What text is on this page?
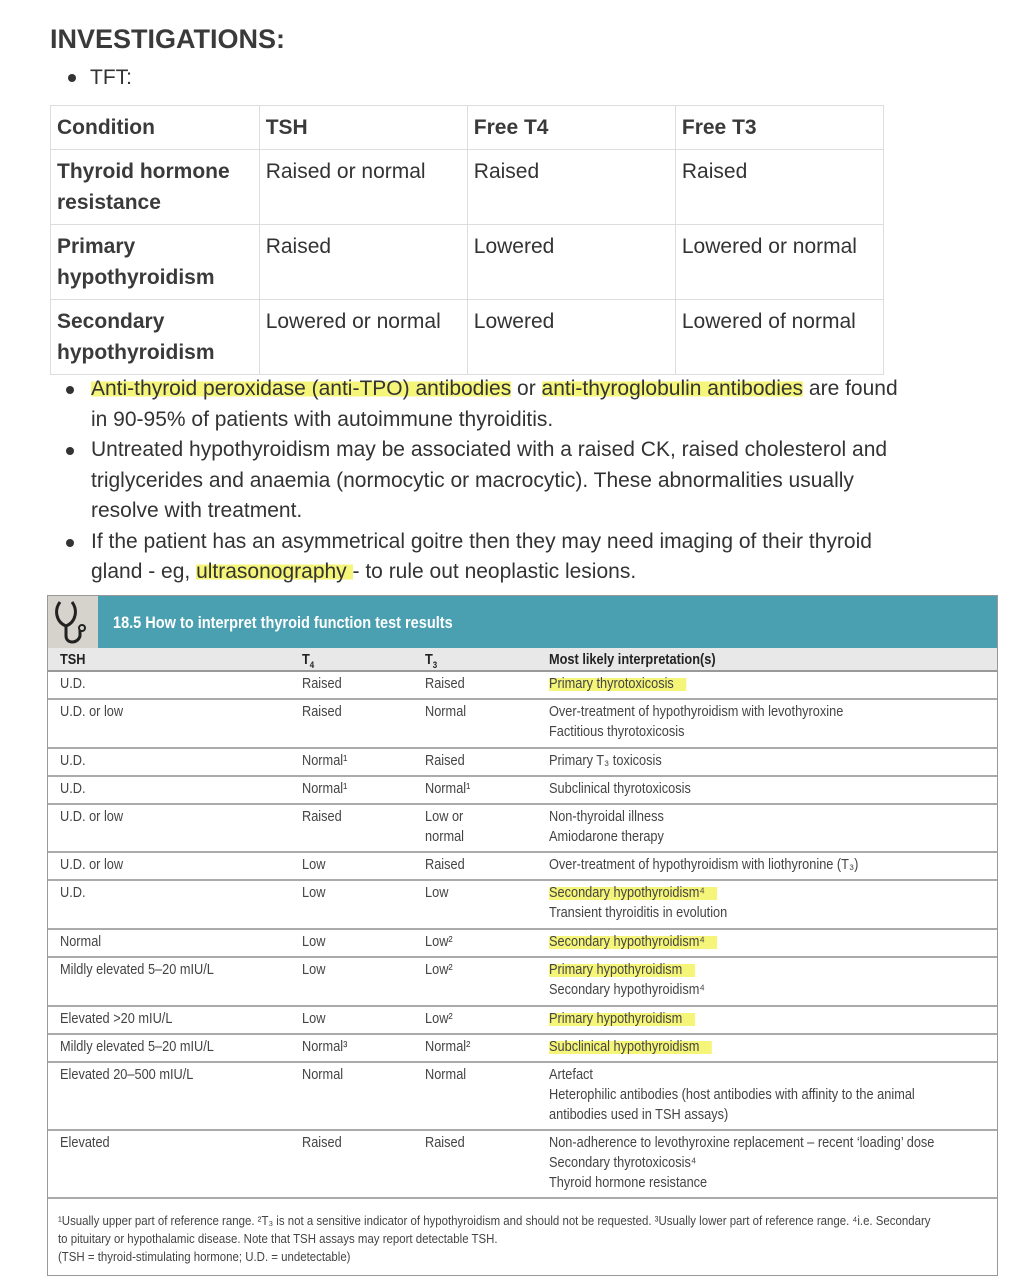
INVESTIGATIONS:
TFT:
Condition	TSH	Free T4	Free T3
Thyroid hormone resistance	Raised or normal	Raised	Raised
Primary hypothyroidism	Raised	Lowered	Lowered or normal
Secondary hypothyroidism	Lowered or normal	Lowered	Lowered of normal
Anti-thyroid peroxidase (anti-TPO) antibodies or anti-thyroglobulin antibodies are found in 90-95% of patients with autoimmune thyroiditis.
Untreated hypothyroidism may be associated with a raised CK, raised cholesterol and triglycerides and anaemia (normocytic or macrocytic). These abnormalities usually resolve with treatment.
If the patient has an asymmetrical goitre then they may need imaging of their thyroid gland - eg, ultrasonography - to rule out neoplastic lesions.
18.5 How to interpret thyroid function test results
TSH	$T_4$	$T_3$	Most likely interpretation(s)
U.D.	Raised	Raised	Primary thyrotoxicosis
U.D. or low	Raised	Normal	Over-treatment of hypothyroidism with levothyroxine
Factitious thyrotoxicosis
U.D.	Normal¹	Raised	Primary T₃ toxicosis
U.D.	Normal¹	Normal¹	Subclinical thyrotoxicosis
U.D. or low	Raised	Low or normal
Non-thyroidal illness
Amiodarone therapy
U.D. or low	Low	Raised	Over-treatment of hypothyroidism with liothyronine (T₃)
U.D.	Low	Low	Secondary hypothyroidism⁴
Transient thyroiditis in evolution
Normal	Low	Low²	Secondary hypothyroidism⁴
Mildly elevated 5–20 mIU/L	Low	Low²	Primary hypothyroidism
Secondary hypothyroidism⁴
Elevated >20 mIU/L	Low	Low²	Primary hypothyroidism
Mildly elevated 5–20 mIU/L	Normal³	Normal²	Subclinical hypothyroidism
Elevated 20–500 mIU/L	Normal	Normal	Artefact
Heterophilic antibodies (host antibodies with affinity to the animal
antibodies used in TSH assays)
Elevated	Raised	Raised	Non-adherence to levothyroxine replacement – recent ‘loading’ dose
Secondary thyrotoxicosis⁴
Thyroid hormone resistance
¹Usually upper part of reference range. ²T₃ is not a sensitive indicator of hypothyroidism and should not be requested. ³Usually lower part of reference range. ⁴i.e. Secondary
to pituitary or hypothalamic disease. Note that TSH assays may report detectable TSH.
(TSH = thyroid-stimulating hormone; U.D. = undetectable)
